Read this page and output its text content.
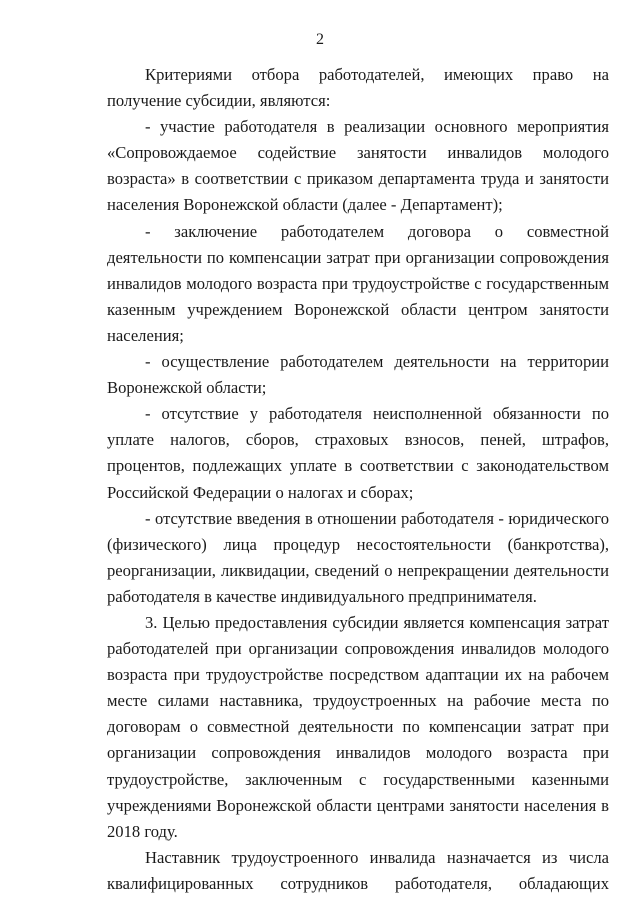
2

Критериями отбора работодателей, имеющих право на получение субсидии, являются:

- участие работодателя в реализации основного мероприятия «Сопровождаемое содействие занятости инвалидов молодого возраста» в соответствии с приказом департамента труда и занятости населения Воронежской области (далее - Департамент);

- заключение работодателем договора о совместной деятельности по компенсации затрат при организации сопровождения инвалидов молодого возраста при трудоустройстве с государственным казенным учреждением Воронежской области центром занятости населения;

- осуществление работодателем деятельности на территории Воронежской области;

- отсутствие у работодателя неисполненной обязанности по уплате налогов, сборов, страховых взносов, пеней, штрафов, процентов, подлежащих уплате в соответствии с законодательством Российской Федерации о налогах и сборах;

- отсутствие введения в отношении работодателя - юридического (физического) лица процедур несостоятельности (банкротства), реорганизации, ликвидации, сведений о непрекращении деятельности работодателя в качестве индивидуального предпринимателя.

3. Целью предоставления субсидии является компенсация затрат работодателей при организации сопровождения инвалидов молодого возраста при трудоустройстве посредством адаптации их на рабочем месте силами наставника, трудоустроенных на рабочие места по договорам о совместной деятельности по компенсации затрат при организации сопровождения инвалидов молодого возраста при трудоустройстве, заключенным с государственными казенными учреждениями Воронежской области центрами занятости населения в 2018 году.

Наставник трудоустроенного инвалида назначается из числа квалифицированных сотрудников работодателя, обладающих
